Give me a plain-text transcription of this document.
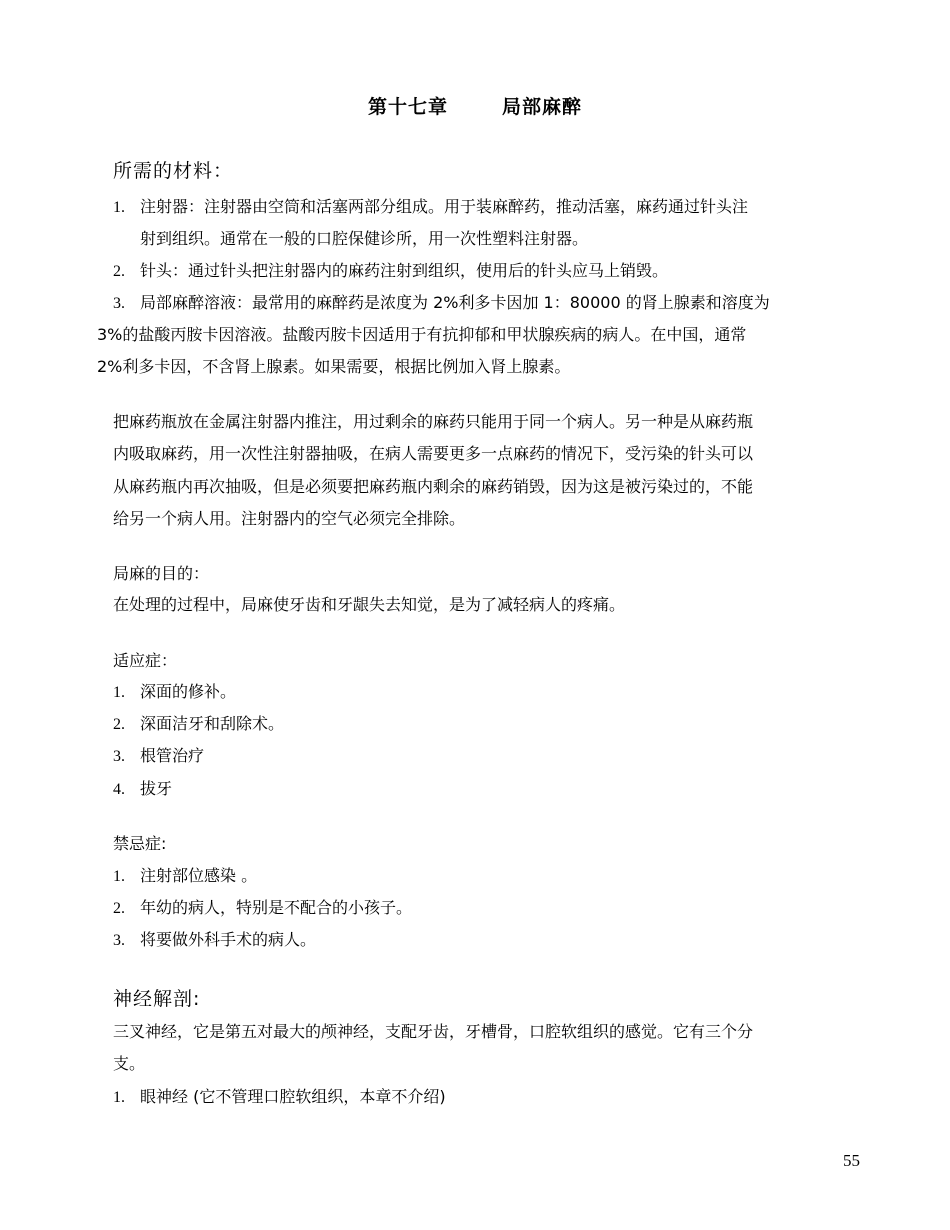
第十七章	局部麻醉
所需的材料：
1. 注射器：注射器由空筒和活塞两部分组成。用于装麻醉药，推动活塞，麻药通过针头注
射到组织。通常在一般的口腔保健诊所，用一次性塑料注射器。
2. 针头：通过针头把注射器内的麻药注射到组织，使用后的针头应马上销毁。
3. 局部麻醉溶液：最常用的麻醉药是浓度为 2%利多卡因加 1：80000 的肾上腺素和溶度为
3%的盐酸丙胺卡因溶液。盐酸丙胺卡因适用于有抗抑郁和甲状腺疾病的病人。在中国，通常
2%利多卡因，不含肾上腺素。如果需要，根据比例加入肾上腺素。
把麻药瓶放在金属注射器内推注，用过剩余的麻药只能用于同一个病人。另一种是从麻药瓶
内吸取麻药，用一次性注射器抽吸，在病人需要更多一点麻药的情况下，受污染的针头可以
从麻药瓶内再次抽吸，但是必须要把麻药瓶内剩余的麻药销毁，因为这是被污染过的，不能
给另一个病人用。注射器内的空气必须完全排除。
局麻的目的：
在处理的过程中，局麻使牙齿和牙龈失去知觉，是为了减轻病人的疼痛。
适应症：
1. 深面的修补。
2. 深面洁牙和刮除术。
3. 根管治疗
4. 拔牙
禁忌症:
1. 注射部位感染 。
2. 年幼的病人，特别是不配合的小孩子。
3. 将要做外科手术的病人。
神经解剖:
三叉神经，它是第五对最大的颅神经，支配牙齿，牙槽骨，口腔软组织的感觉。它有三个分
支。
1. 眼神经 (它不管理口腔软组织，本章不介绍)
55
